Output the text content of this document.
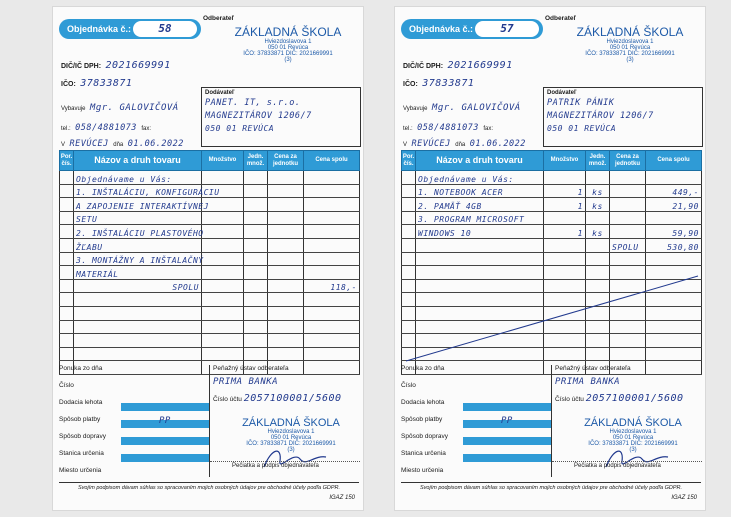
Objednávka č.:	58
Odberateľ
ZÁKLADNÁ ŠKOLA
Hviezdoslavova 1
050 01 Revúca
IČO: 37833871 DIČ: 2021669991
(3)
DIČ/IČ DPH: 2021669991
IČO: 37833871
Dodávateľ
PANET. IT, s.r.o.
MAGNEZITÁROV 1206/7
050 01 REVÚCA
Vybavuje Mgr. GALOVIČOVÁ
tel.: 058/4881073 fax:
V REVÚCEJ dňa 01.06.2022
Por. čís.	Názov a druh tovaru	Množstvo	Jedn. množ.	Cena za jednotku	Cena spolu
	Objednávame u Vás:				
	1. INŠTALÁCIU, KONFIGURÁCIU				
	A ZAPOJENIE INTERAKTÍVNEJ				
	SETU				
	2. INŠTALÁCIU PLASTOVÉHO				
	ŽĽABU				
	3. MONTÁŽNY A INŠTALAČNÝ				
	MATERIÁL				
	SPOLU				118,-

Ponuka zo dňa
Číslo
Dodacia lehota
Spôsob platby	PP
Spôsob dopravy
Stanica určenia
Miesto určenia
Peňažný ústav odberateľa
PRIMA BANKA
Číslo účtu 2057100001/5600
ZÁKLADNÁ ŠKOLA
Hviezdoslavova 1
050 01 Revúca
IČO: 37833871 DIČ: 2021669991
(3)
Pečiatka a podpis objednávateľa
Svojím podpisom dávam súhlas so spracovaním mojich osobných údajov pre obchodné účely podľa GDPR.
IGAZ 150
Objednávka č.:	57
Odberateľ
ZÁKLADNÁ ŠKOLA
Hviezdoslavova 1
050 01 Revúca
IČO: 37833871 DIČ: 2021669991
(3)
DIČ/IČ DPH: 2021669991
IČO: 37833871
Dodávateľ
PATRIK PÁNIK
MAGNEZITÁROV 1206/7
050 01 REVÚCA
Vybavuje Mgr. GALOVIČOVÁ
tel.: 058/4881073 fax:
V REVÚCEJ dňa 01.06.2022
Por. čís.	Názov a druh tovaru	Množstvo	Jedn. množ.	Cena za jednotku	Cena spolu
	Objednávame u Vás:				
	1. NOTEBOOK ACER	1	ks		449,-
	2. PAMÄŤ 4GB	1	ks		21,90
	3. PROGRAM MICROSOFT				
	WINDOWS 10	1	ks		59,90
				SPOLU	530,80

Ponuka zo dňa
Číslo
Dodacia lehota
Spôsob platby	PP
Spôsob dopravy
Stanica určenia
Miesto určenia
Peňažný ústav odberateľa
PRIMA BANKA
Číslo účtu 2057100001/5600
ZÁKLADNÁ ŠKOLA
Hviezdoslavova 1
050 01 Revúca
IČO: 37833871 DIČ: 2021669991
(3)
Pečiatka a podpis objednávateľa
Svojím podpisom dávam súhlas so spracovaním mojich osobných údajov pre obchodné účely podľa GDPR.
IGAZ 150
